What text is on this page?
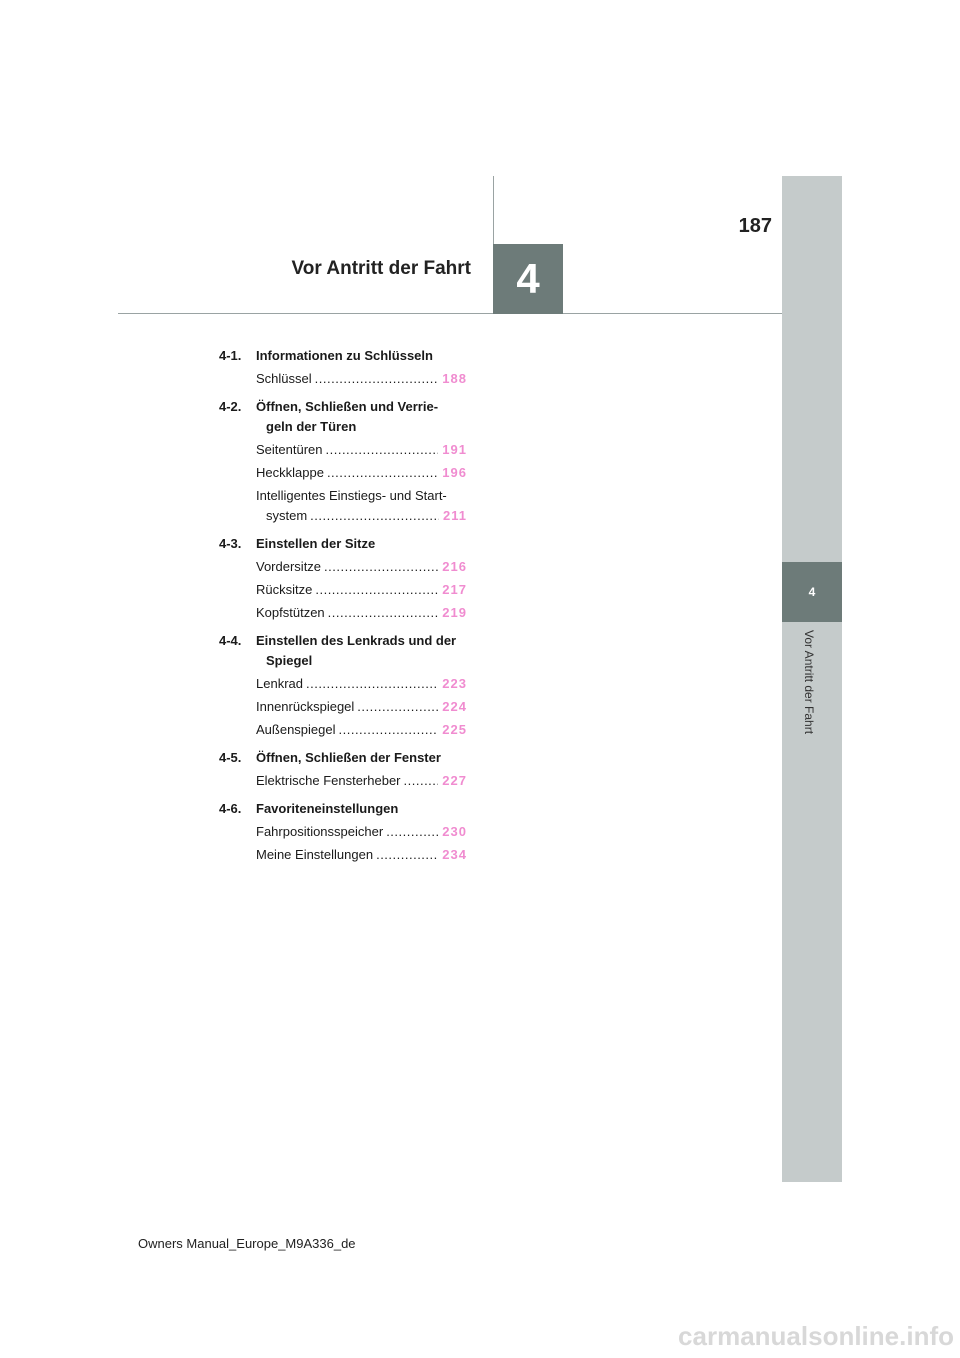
4
Vor Antritt der Fahrt
4
Vor Antritt der Fahrt
187
4-1.	Informationen zu Schlüsseln
Schlüssel .....	188
4-2.	Öffnen, Schließen und Verrie-
geln der Türen
Seitentüren .....	191
Heckklappe .....	196
Intelligentes Einstiegs- und Start-
system .....	211
4-3.	Einstellen der Sitze
Vordersitze .....	216
Rücksitze .....	217
Kopfstützen .....	219
4-4.	Einstellen des Lenkrads und der
Spiegel
Lenkrad .....	223
Innenrückspiegel .....	224
Außenspiegel .....	225
4-5.	Öffnen, Schließen der Fenster
Elektrische Fensterheber .....	227
4-6.	Favoriteneinstellungen
Fahrpositionsspeicher .....	230
Meine Einstellungen .....	234
Owners Manual_Europe_M9A336_de
carmanualsonline.info
